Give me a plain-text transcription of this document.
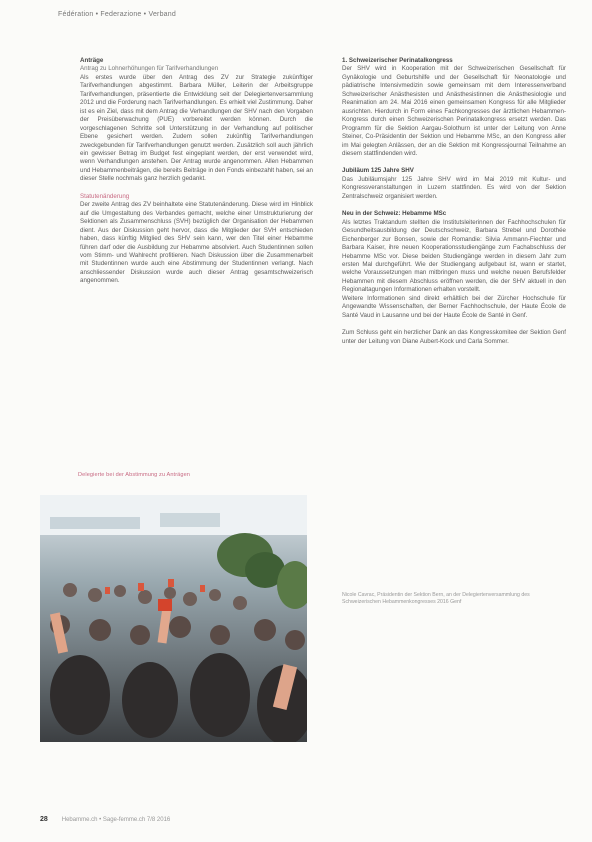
Fédération • Federazione • Verband

Anträge

Antrag zu Lohnerhöhungen für Tarifverhandlungen

Als erstes wurde über den Antrag des ZV zur Strategie zukünftiger Tarifverhandlungen abgestimmt. Barbara Müller, Leiterin der Arbeitsgruppe Tarifverhandlungen, präsentierte die Entwicklung seit der Delegiertenversammlung 2012 und die Forderung nach Tarifverhandlungen. Es erhielt viel Zustimmung. Daher ist es ein Ziel, dass mit dem Antrag die Verhandlungen der SHV nach den Vorgaben der Preisüberwachung (PUE) vorbereitet werden können. Durch die vorgeschlagenen Schritte soll Unterstützung in der Verhandlung auf politischer Ebene gesichert werden. Zudem sollen zukünftig Tarifverhandlungen zweckgebunden für Tarifverhandlungen genutzt werden. Zusätzlich soll auch jährlich ein gewisser Betrag im Budget fest eingeplant werden, der erst verwendet wird, wenn Verhandlungen anstehen. Der Antrag wurde angenommen. Allen Hebammen und Hebammenbeiträgen, die bereits Beiträge in den Fonds einbezahlt haben, sei an dieser Stelle nochmals ganz herzlich gedankt.

Statutenänderung

Der zweite Antrag des ZV beinhaltete eine Statutenänderung. Diese wird im Hinblick auf die Umgestaltung des Verbandes gemacht, welche einer Umstrukturierung der Sektionen als Zusammenschluss (SVH) bezüglich der Organisation der Hebammen dient. Aus der Diskussion geht hervor, dass die Mitglieder der SVH entschieden haben, dass künftig Mitglied des SHV sein kann, wer den Titel einer Hebamme führen darf oder die Ausbildung zur Hebamme absolviert. Auch Studentinnen sollen vom Stimm- und Wahlrecht profitieren. Nach Diskussion über die Zusammenarbeit mit Studentinnen wurde auch eine Abstimmung der Studentinnen verlangt. Nach anschliessender Diskussion wurde auch dieser Antrag gesamtschweizerisch angenommen.

Delegierte bei der Abstimmung zu Anträgen

1. Schweizerischer Perinatalkongress

Der SHV wird in Kooperation mit der Schweizerischen Gesellschaft für Gynäkologie und Geburtshilfe und der Gesellschaft für Neonatologie und pädiatrische Intensivmedizin sowie gemeinsam mit dem Interessenverband Schweizerischer Anästhesisten und Anästhesistinnen die Anästhesiologie und Reanimation am 24. Mai 2016 einen gemeinsamen Kongress für alle Mitglieder ausrichten. Hierdurch in Form eines Fachkongresses der ärztlichen Hebammen-Kongress durch einen Schweizerischen Perinatalkongress ersetzt werden. Das Programm für die Sektion Aargau-Solothurn ist unter der Leitung von Anne Steiner, Co-Präsidentin der Sektion und Hebamme MSc, an den Kongress aller im Mai gelegten Anlässen, der an die Sektion mit Kongressjournal Teilnahme an diesem stattfindenden wird.

Jubiläum 125 Jahre SHV

Das Jubiläumsjahr 125 Jahre SHV wird im Mai 2019 mit Kultur- und Kongressveranstaltungen in Luzern stattfinden. Es wird von der Sektion Zentralschweiz organisiert werden.

Neu in der Schweiz: Hebamme MSc

Als letztes Traktandum stellten die Institutsleiterinnen der Fachhochschulen für Gesundheitsausbildung der Deutschschweiz, Barbara Strebel und Dorothée Eichenberger zur Bonsen, sowie der Romandie: Silvia Ammann-Fiechter und Barbara Kaiser, ihre neuen Kooperationsstudiengänge zum Fachabschluss der Hebamme MSc vor. Diese beiden Studiengänge werden in diesem Jahr zum ersten Mal durchgeführt. Wie der Studiengang aufgebaut ist, wann er startet, welche Voraussetzungen man mitbringen muss und welche neuen Berufsfelder Hebammen mit diesem Abschluss eröffnen werden, die der SHV aktuell in den Regionaltagungen Informationen erhalten vorstellt.

Weitere Informationen sind direkt erhältlich bei der Zürcher Hochschule für Angewandte Wissenschaften, der Berner Fachhochschule, der Haute École de Santé Vaud in Lausanne und bei der Haute École de Santé in Genf.

Zum Schluss geht ein herzlicher Dank an das Kongresskomitee der Sektion Genf unter der Leitung von Diane Aubert-Kock und Carla Sommer.

Nicole Cavrac, Präsidentin der Sektion Bern, an der Delegiertenversammlung des Schweizerischen Hebammenkongresses 2016 Genf
28 Hebamme.ch • Sage-femme.ch 7/8 2016
